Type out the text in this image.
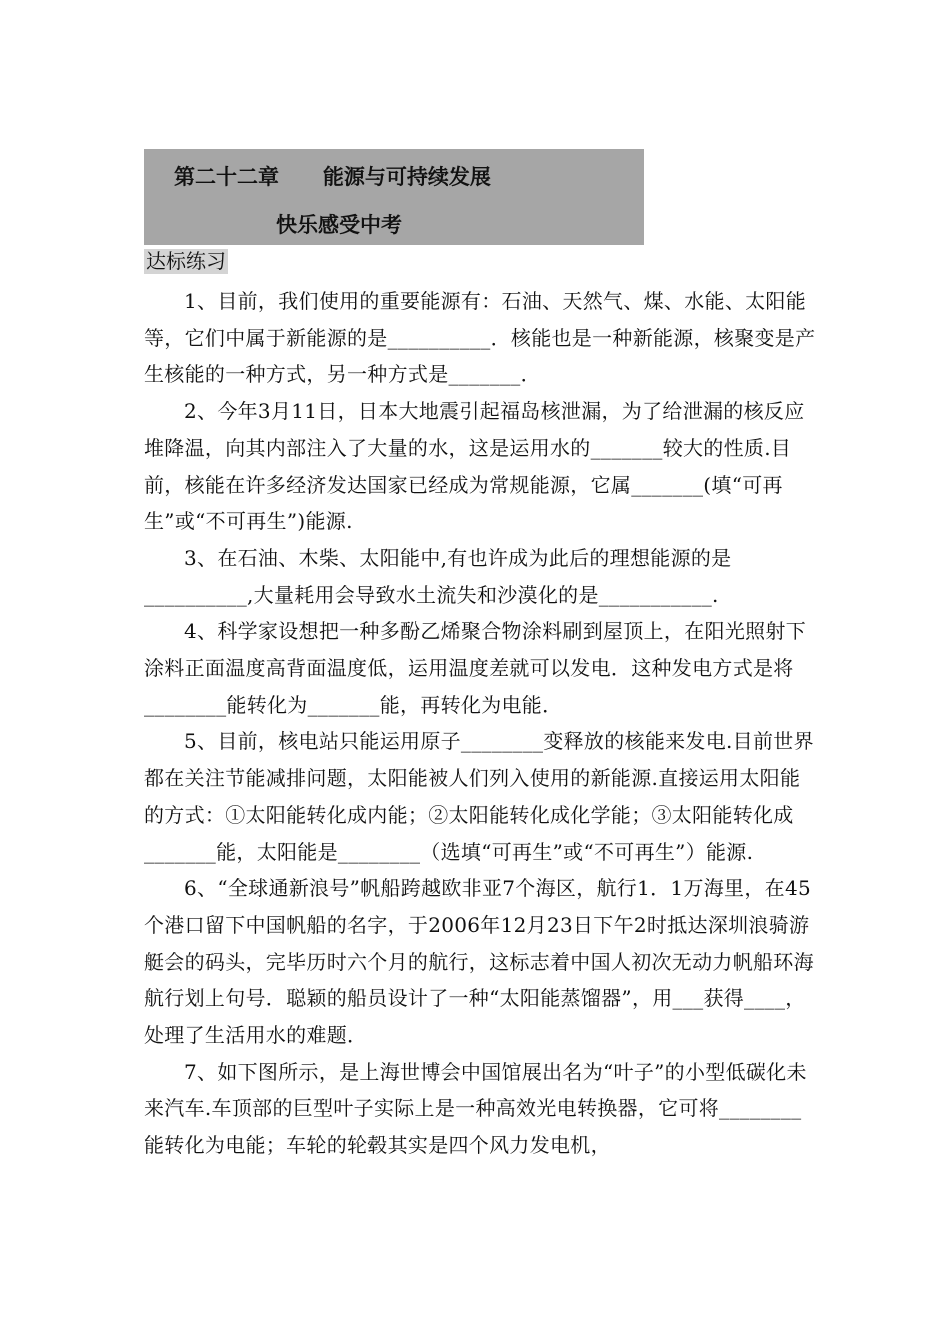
第二十二章 能源与可持续发展
快乐感受中考
达标练习

1、目前，我们使用的重要能源有：石油、天然气、煤、水能、太阳能等，它们中属于新能源的是__________．核能也是一种新能源，核聚变是产生核能的一种方式，另一种方式是_______．

2、今年3月11日，日本大地震引起福岛核泄漏，为了给泄漏的核反应堆降温，向其内部注入了大量的水，这是运用水的_______较大的性质.目前，核能在许多经济发达国家已经成为常规能源，它属_______(填“可再生”或“不可再生”)能源.

3、在石油、木柴、太阳能中,有也许成为此后的理想能源的是__________,大量耗用会导致水土流失和沙漠化的是___________.

4、科学家设想把一种多酚乙烯聚合物涂料刷到屋顶上，在阳光照射下涂料正面温度高背面温度低，运用温度差就可以发电．这种发电方式是将________能转化为_______能，再转化为电能．

5、目前，核电站只能运用原子________变释放的核能来发电.目前世界都在关注节能减排问题，太阳能被人们列入使用的新能源.直接运用太阳能的方式：①太阳能转化成内能；②太阳能转化成化学能；③太阳能转化成_______能，太阳能是________（选填“可再生”或“不可再生”）能源.

6、“全球通新浪号”帆船跨越欧非亚7个海区，航行1．1万海里，在45个港口留下中国帆船的名字，于2006年12月23日下午2时抵达深圳浪骑游艇会的码头，完毕历时六个月的航行，这标志着中国人初次无动力帆船环海航行划上句号．聪颖的船员设计了一种“太阳能蒸馏器”，用___获得____，处理了生活用水的难题．

7、如下图所示，是上海世博会中国馆展出名为“叶子”的小型低碳化未来汽车.车顶部的巨型叶子实际上是一种高效光电转换器，它可将________能转化为电能；车轮的轮毂其实是四个风力发电机，
